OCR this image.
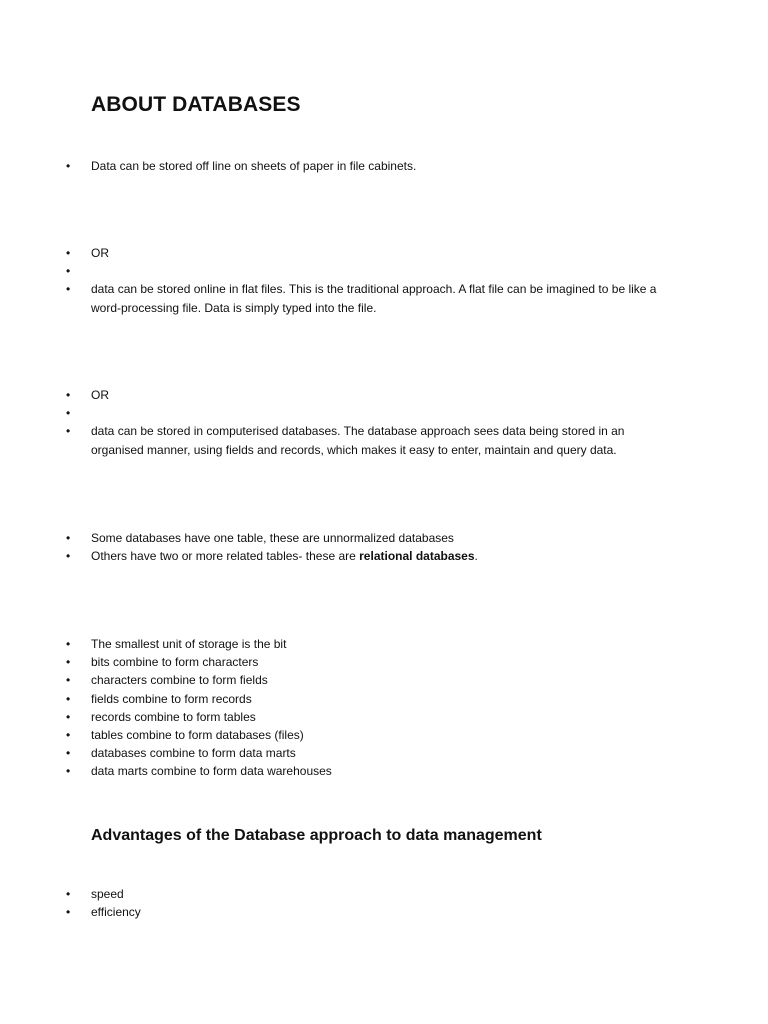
ABOUT DATABASES
•	Data can be stored off line on sheets of paper in file cabinets.
•	OR
•
•	data can be stored online in flat files. This is the traditional approach. A flat file can be imagined to be like a word-processing file. Data is simply typed into the file.
•	OR
•
•	data can be stored in computerised databases. The database approach sees data being stored in an organised manner, using fields and records, which makes it easy to enter, maintain and query data.
•	Some databases have one table, these are unnormalized databases
•	Others have two or more related tables- these are relational databases.
•	The smallest unit of storage is the bit
•	bits combine to form characters
•	characters combine to form fields
•	fields combine to form records
•	records combine to form tables
•	tables combine to form databases (files)
•	databases combine to form data marts
•	data marts combine to form data warehouses
Advantages of the Database approach to data management
•	speed
•	efficiency
